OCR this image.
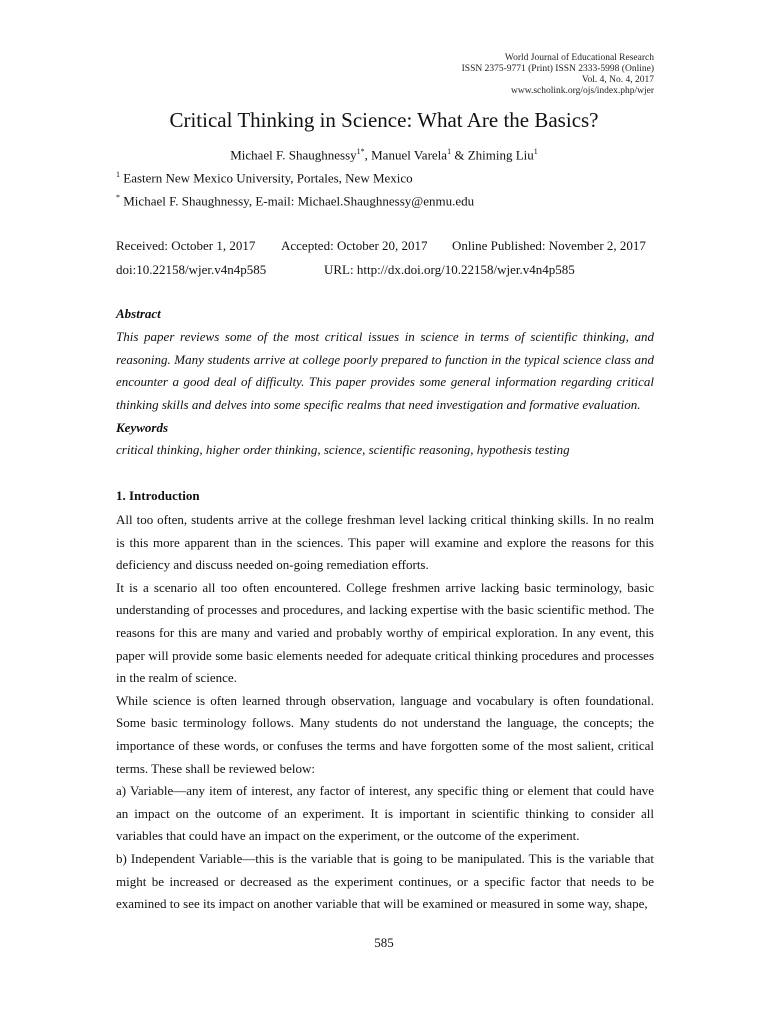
World Journal of Educational Research
ISSN 2375-9771 (Print) ISSN 2333-5998 (Online)
Vol. 4, No. 4, 2017
www.scholink.org/ojs/index.php/wjer
Critical Thinking in Science: What Are the Basics?
Michael F. Shaughnessy$^{1*}$, Manuel Varela$^1$ & Zhiming Liu$^1$
$^1$ Eastern New Mexico University, Portales, New Mexico
* Michael F. Shaughnessy, E-mail: Michael.Shaughnessy@enmu.edu
Received: October 1, 2017 Accepted: October 20, 2017 Online Published: November 2, 2017
doi:10.22158/wjer.v4n4p585	URL: http://dx.doi.org/10.22158/wjer.v4n4p585
Abstract
This paper reviews some of the most critical issues in science in terms of scientific thinking, and reasoning. Many students arrive at college poorly prepared to function in the typical science class and encounter a good deal of difficulty. This paper provides some general information regarding critical thinking skills and delves into some specific realms that need investigation and formative evaluation.
Keywords
critical thinking, higher order thinking, science, scientific reasoning, hypothesis testing
1. Introduction

All too often, students arrive at the college freshman level lacking critical thinking skills. In no realm is this more apparent than in the sciences. This paper will examine and explore the reasons for this deficiency and discuss needed on-going remediation efforts.

It is a scenario all too often encountered. College freshmen arrive lacking basic terminology, basic understanding of processes and procedures, and lacking expertise with the basic scientific method. The reasons for this are many and varied and probably worthy of empirical exploration. In any event, this paper will provide some basic elements needed for adequate critical thinking procedures and processes in the realm of science.

While science is often learned through observation, language and vocabulary is often foundational. Some basic terminology follows. Many students do not understand the language, the concepts; the importance of these words, or confuses the terms and have forgotten some of the most salient, critical terms. These shall be reviewed below:

a) Variable—any item of interest, any factor of interest, any specific thing or element that could have an impact on the outcome of an experiment. It is important in scientific thinking to consider all variables that could have an impact on the experiment, or the outcome of the experiment.

b) Independent Variable—this is the variable that is going to be manipulated. This is the variable that might be increased or decreased as the experiment continues, or a specific factor that needs to be examined to see its impact on another variable that will be examined or measured in some way, shape,

585
